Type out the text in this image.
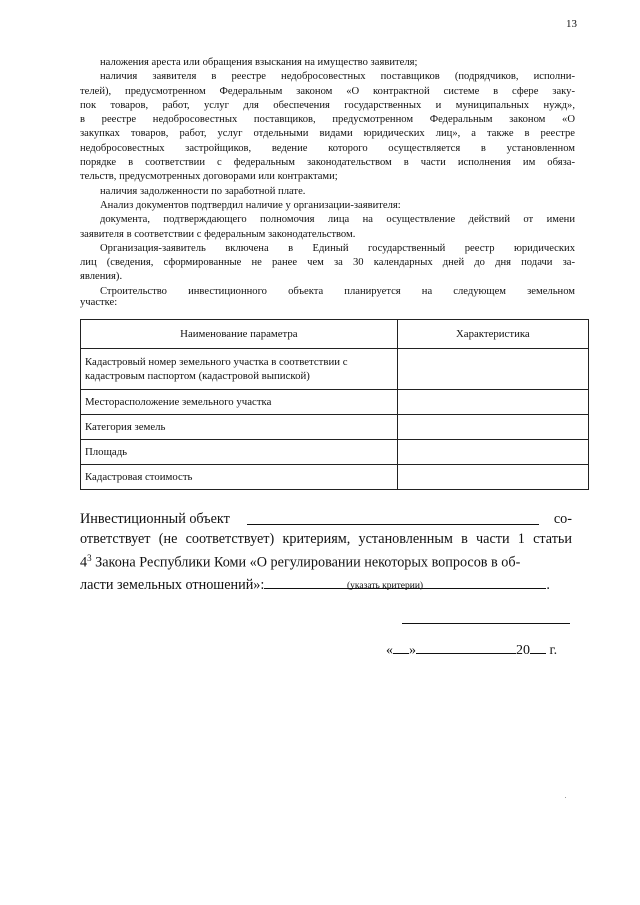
13

наложения ареста или обращения взыскания на имущество заявителя;

наличия заявителя в реестре недобросовестных поставщиков (подрядчиков, исполни-

телей), предусмотренном Федеральным законом «О контрактной системе в сфере заку-

пок товаров, работ, услуг для обеспечения государственных и муниципальных нужд»,

в реестре недобросовестных поставщиков, предусмотренном Федеральным законом «О

закупках товаров, работ, услуг отдельными видами юридических лиц», а также в реестре

недобросовестных застройщиков, ведение которого осуществляется в установленном

порядке в соответствии с федеральным законодательством в части исполнения им обяза-

тельств, предусмотренных договорами или контрактами;

наличия задолженности по заработной плате.

Анализ документов подтвердил наличие у организации-заявителя:

документа, подтверждающего полномочия лица на осуществление действий от имени

заявителя в соответствии с федеральным законодательством.

Организация-заявитель включена в Единый государственный реестр юридических

лиц (сведения, сформированные не ранее чем за 30 календарных дней до дня подачи за-

явления).

Строительство инвестиционного объекта планируется на следующем земельном

участке:

Наименование параметра	Характеристика
Кадастровый номер земельного участка в соответствии с кадастровым паспортом (кадастровой выпиской)	
Месторасположение земельного участка	
Категория земель	
Площадь	
Кадастровая стоимость	
Инвестиционный объект	со-
ответствует (не соответствует) критериям, установленным в части 1 статьи
$4^3$ Закона Республики Коми «О регулировании некоторых вопросов в об-
ласти земельных отношений»:	.
(указать критерии)
« »	20 г.
